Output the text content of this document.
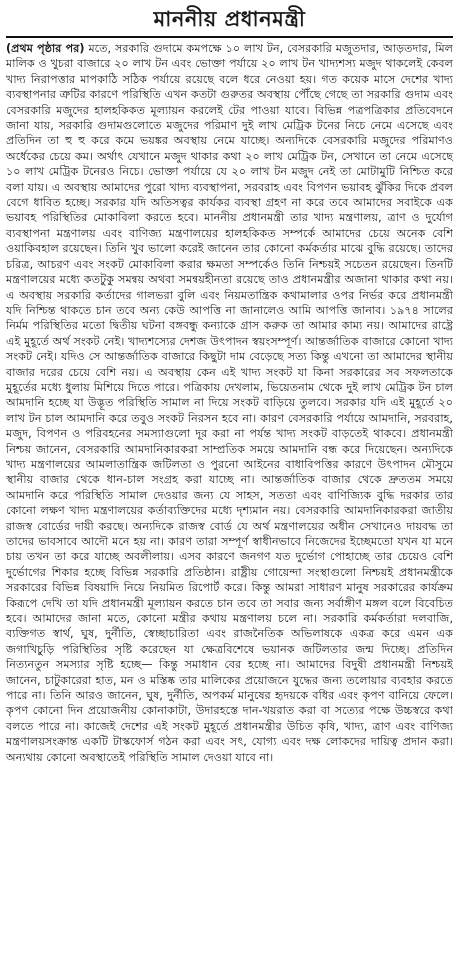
মাননীয় প্রধানমন্ত্রী

(প্রথম পৃষ্ঠার পর) মতে, সরকারি গুদামে কমপক্ষে ১০ লাখ টন, বেসরকারি মজুতদার, আড়তদার, মিল মালিক ও খুচরা বাজারে ২০ লাখ টন এবং ভোক্তা পর্যায়ে ২০ লাখ টন খাদ্যশস্য মজুদ থাকলেই কেবল খাদ্য নিরাপত্তার মাপকাঠি সঠিক পর্যায়ে রয়েছে বলে ধরে নেওয়া হয়। গত কয়েক মাসে দেশের খাদ্য ব্যবস্থাপনার ত্রুটির কারণে পরিস্থিতি এখন কতটা গুরুতর অবস্থায় পৌঁছে গেছে তা সরকারি গুদাম এবং বেসরকারি মজুদের হালহকিকত মূল্যায়ন করলেই টের পাওয়া যাবে। বিভিন্ন পত্রপত্রিকার প্রতিবেদনে জানা যায়, সরকারি গুদামগুলোতে মজুদের পরিমাণ দুই লাখ মেট্রিক টনের নিচে নেমে এসেছে এবং প্রতিদিন তা হু হু করে কমে ভয়ঙ্কর অবস্থায় নেমে যাচ্ছে। অন্যদিকে বেসরকারি মজুদের পরিমাণও অর্ধেকের চেয়ে কম। অর্থাৎ যেখানে মজুদ থাকার কথা ২০ লাখ মেট্রিক টন, সেখানে তা নেমে এসেছে ১০ লাখ মেট্রিক টনেরও নিচে। ভোক্তা পর্যায়ে যে ২০ লাখ টন মজুদ নেই তা মোটামুটি নিশ্চিত করে বলা যায়। এ অবস্থায় আমাদের পুরো খাদ্য ব্যবস্থাপনা, সরবরাহ এবং বিপণন ভয়াবহ ঝুঁকির দিকে প্রবল বেগে ধাবিত হচ্ছে। সরকার যদি অতিসত্বর কার্যকর ব্যবস্থা গ্রহণ না করে তবে আমাদের সবাইকে এক ভয়াবহ পরিস্থিতির মোকাবিলা করতে হবে। মাননীয় প্রধানমন্ত্রী তার খাদ্য মন্ত্রণালয়, ত্রাণ ও দুর্যোগ ব্যবস্থাপনা মন্ত্রণালয় এবং বাণিজ্য মন্ত্রণালয়ের হালহকিকত সম্পর্কে আমাদের চেয়ে অনেক বেশি ওয়াকিবহাল রয়েছেন। তিনি খুব ভালো করেই জানেন তার কোনো কর্মকর্তার মাঝে বুদ্ধি রয়েছে। তাদের চরিত্র, আচরণ এবং সংকট মোকাবিলা করার ক্ষমতা সম্পর্কেও তিনি নিশ্চয়ই সচেতন রয়েছেন। তিনটি মন্ত্রণালয়ের মধ্যে কতটুকু সমন্বয় অথবা সমন্বয়হীনতা রয়েছে তাও প্রধানমন্ত্রীর অজানা থাকার কথা নয়। এ অবস্থায় সরকারি কর্তাদের গালভরা বুলি এবং নিয়মতান্ত্রিক কথামালার ওপর নির্ভর করে প্রধানমন্ত্রী যদি নিশ্চিন্ত থাকতে চান তবে অন্য কেউ আপত্তি না জানালেও আমি আপত্তি জানাব। ১৯৭৪ সালের নির্মম পরিস্থিতির মতো দ্বিতীয় ঘটনা বঙ্গবন্ধু কন্যাকে গ্রাস করুক তা আমার কাম্য নয়। আমাদের রাষ্ট্রে এই মুহূর্তে অর্থ সংকট নেই। খাদ্যশস্যের দেশজ উৎপাদন স্বয়ংসম্পূর্ণ। আন্তর্জাতিক বাজারে কোনো খাদ্য সংকট নেই। যদিও সে আন্তর্জাতিক বাজারে কিছুটা দাম বেড়েছে সত্য কিন্তু এখনো তা আমাদের স্থানীয় বাজার দরের চেয়ে বেশি নয়। এ অবস্থায় কেন এই খাদ্য সংকট যা কিনা সরকারের সব সফলতাকে মুহূর্তের মধ্যে ধুলায় মিশিয়ে দিতে পারে। পত্রিকায় দেখলাম, ভিয়েতনাম থেকে দুই লাখ মেট্রিক টন চাল আমদানি হচ্ছে যা উদ্ভূত পরিস্থিতি সামাল না দিয়ে সংকট বাড়িয়ে তুলবে। সরকার যদি এই মুহূর্তে ২০ লাখ টন চাল আমদানি করে তবুও সংকট নিরসন হবে না। কারণ বেসরকারি পর্যায়ে আমদানি, সরবরাহ, মজুদ, বিপণন ও পরিবহনের সমস্যাগুলো দূর করা না পর্যন্ত খাদ্য সংকট বাড়তেই থাকবে। প্রধানমন্ত্রী নিশ্চয় জানেন, বেসরকারি আমদানিকারকরা সাম্প্রতিক সময়ে আমদানি বন্ধ করে দিয়েছেন। অন্যদিকে খাদ্য মন্ত্রণালয়ের আমলাতান্ত্রিক জটিলতা ও পুরনো আইনের বাধাবিপত্তির কারণে উৎপাদন মৌসুমে স্থানীয় বাজার থেকে ধান-চাল সংগ্রহ করা যাচ্ছে না। আন্তর্জাতিক বাজার থেকে দ্রুততম সময়ে আমদানি করে পরিস্থিতি সামাল দেওয়ার জন্য যে সাহস, সততা এবং বাণিজ্যিক বুদ্ধি দরকার তার কোনো লক্ষণ খাদ্য মন্ত্রণালয়ের কর্তাব্যক্তিদের মধ্যে দৃশ্যমান নয়। বেসরকারি আমদানিকারকরা জাতীয় রাজস্ব বোর্ডের দায়ী করছে। অন্যদিকে রাজস্ব বোর্ড যে অর্থ মন্ত্রণালয়ের অধীন সেখানেও দায়বদ্ধ তা তাদের ভাবসাবে আদৌ মনে হয় না। কারণ তারা সম্পূর্ণ স্বাধীনভাবে নিজেদের ইচ্ছেমতো যখন যা মনে চায় তখন তা করে যাচ্ছে অবলীলায়। এসব কারণে জনগণ যত দুর্ভোগ পোহাচ্ছে তার চেয়েও বেশি দুর্ভোগের শিকার হচ্ছে বিভিন্ন সরকারি প্রতিষ্ঠান। রাষ্ট্রীয় গোয়েন্দা সংস্থাগুলো নিশ্চয়ই প্রধানমন্ত্রীকে সরকারের বিভিন্ন বিষয়াদি নিয়ে নিয়মিত রিপোর্ট করে। কিন্তু আমরা সাধারণ মানুষ সরকারের কার্যক্রম কিরূপে দেখি তা যদি প্রধানমন্ত্রী মূল্যায়ন করতে চান তবে তা সবার জন্য সর্বাঙ্গীণ মঙ্গল বলে বিবেচিত হবে। আমাদের জানা মতে, কোনো মন্ত্রীর কথায় মন্ত্রণালয় চলে না। সরকারি কর্মকর্তারা দলবাজি, ব্যক্তিগত স্বার্থ, ঘুষ, দুর্নীতি, স্বেচ্ছাচারিতা এবং রাজনৈতিক অভিলাষকে একত্র করে এমন এক জগাখিচুড়ি পরিস্থিতির সৃষ্টি করেছেন যা ক্ষেত্রবিশেষে ভয়ানক জটিলতার জন্ম দিচ্ছে। প্রতিদিন নিত্যনতুন সমস্যার সৃষ্টি হচ্ছে— কিন্তু সমাধান বের হচ্ছে না। আমাদের বিদুষী প্রধানমন্ত্রী নিশ্চয়ই জানেন, চাটুকারেরা হাত, মন ও মস্তিষ্ক তার মালিকের প্রয়োজনে যুদ্ধের জন্য তলোয়ার ব্যবহার করতে পারে না। তিনি আরও জানেন, ঘুষ, দুর্নীতি, অপকর্ম মানুষের হৃদয়কে বধির এবং কৃপণ বানিয়ে ফেলে। কৃপণ কোনো দিন প্রয়োজনীয় কোনাকাটা, উদারহস্তে দান-খয়রাত করা বা সত্যের পক্ষে উচ্চস্বরে কথা বলতে পারে না। কাজেই দেশের এই সংকট মুহূর্তে প্রধানমন্ত্রীর উচিত কৃষি, খাদ্য, ত্রাণ এবং বাণিজ্য মন্ত্রণালয়সংক্রান্ত একটি টাস্কফোর্স গঠন করা এবং সৎ, যোগ্য এবং দক্ষ লোকদের দায়িত্ব প্রদান করা। অন্যথায় কোনো অবস্থাতেই পরিস্থিতি সামাল দেওয়া যাবে না।
